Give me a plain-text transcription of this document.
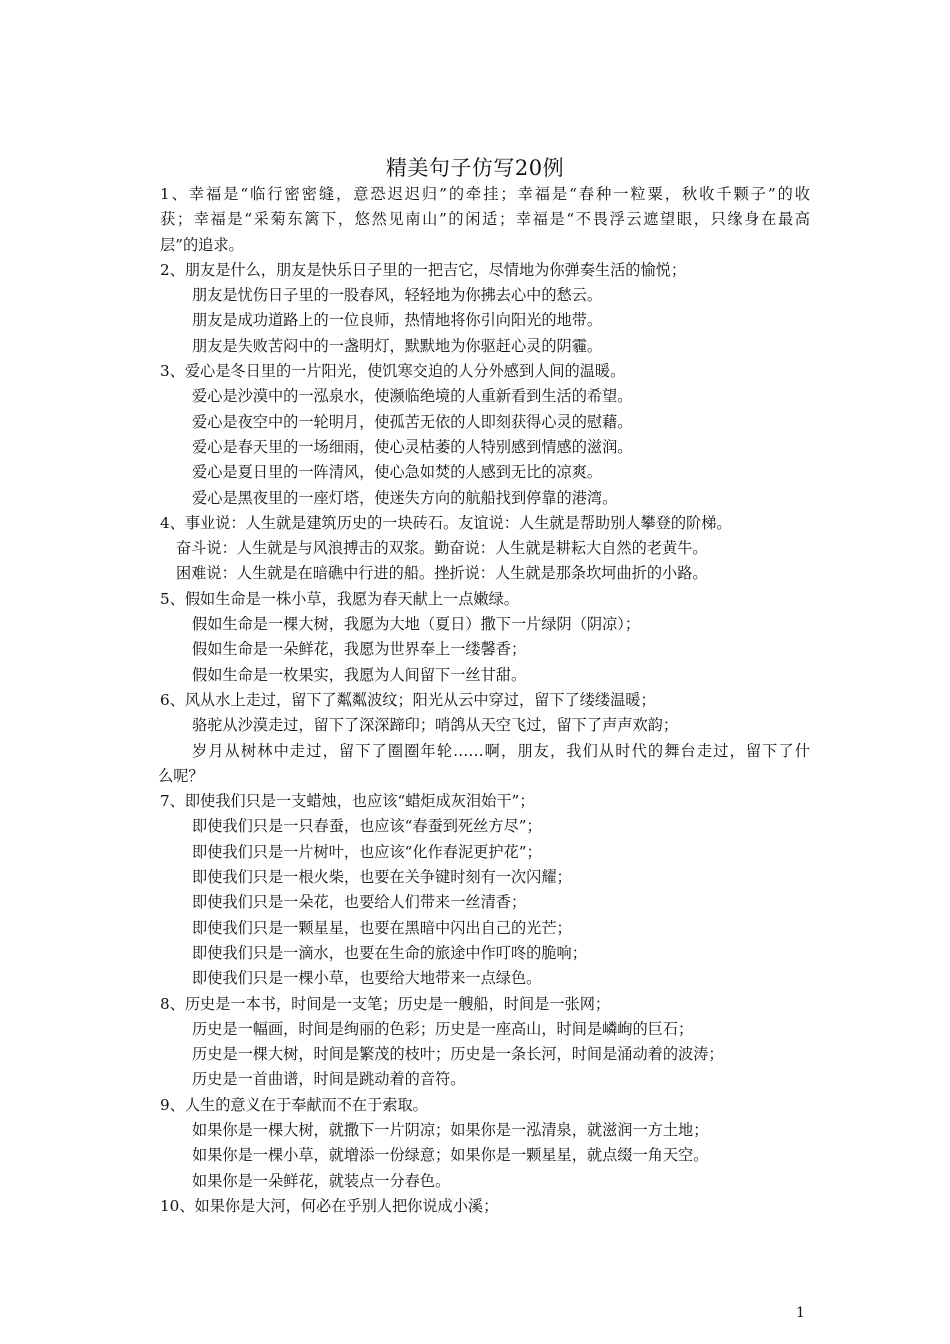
精美句子仿写20例
1、幸福是“临行密密缝，意恐迟迟归”的牵挂；幸福是“春种一粒粟，秋收千颗子”的收
获；幸福是“采菊东篱下，悠然见南山”的闲适；幸福是“不畏浮云遮望眼，只缘身在最高
层”的追求。
2、朋友是什么，朋友是快乐日子里的一把吉它，尽情地为你弹奏生活的愉悦；
朋友是忧伤日子里的一股春风，轻轻地为你拂去心中的愁云。
朋友是成功道路上的一位良师，热情地将你引向阳光的地带。
朋友是失败苦闷中的一盏明灯，默默地为你驱赶心灵的阴霾。
3、爱心是冬日里的一片阳光，使饥寒交迫的人分外感到人间的温暖。
爱心是沙漠中的一泓泉水，使濒临绝境的人重新看到生活的希望。
爱心是夜空中的一轮明月，使孤苦无依的人即刻获得心灵的慰藉。
爱心是春天里的一场细雨，使心灵枯萎的人特别感到情感的滋润。
爱心是夏日里的一阵清风，使心急如焚的人感到无比的凉爽。
爱心是黑夜里的一座灯塔，使迷失方向的航船找到停靠的港湾。
4、事业说：人生就是建筑历史的一块砖石。友谊说：人生就是帮助别人攀登的阶梯。
奋斗说：人生就是与风浪搏击的双浆。勤奋说：人生就是耕耘大自然的老黄牛。
困难说：人生就是在暗礁中行进的船。挫折说：人生就是那条坎坷曲折的小路。
5、假如生命是一株小草，我愿为春天献上一点嫩绿。
假如生命是一棵大树，我愿为大地（夏日）撒下一片绿阴（阴凉）；
假如生命是一朵鲜花，我愿为世界奉上一缕馨香；
假如生命是一枚果实，我愿为人间留下一丝甘甜。
6、风从水上走过，留下了粼粼波纹；阳光从云中穿过，留下了缕缕温暖；
骆驼从沙漠走过，留下了深深蹄印；哨鸽从天空飞过，留下了声声欢韵；
岁月从树林中走过，留下了圈圈年轮……啊，朋友，我们从时代的舞台走过，留下了什
么呢？
7、即使我们只是一支蜡烛，也应该“蜡炬成灰泪始干”；
即使我们只是一只春蚕，也应该“春蚕到死丝方尽”；
即使我们只是一片树叶，也应该“化作春泥更护花”；
即使我们只是一根火柴，也要在关争键时刻有一次闪耀；
即使我们只是一朵花，也要给人们带来一丝清香；
即使我们只是一颗星星，也要在黑暗中闪出自己的光芒；
即使我们只是一滴水，也要在生命的旅途中作叮咚的脆响；
即使我们只是一棵小草，也要给大地带来一点绿色。
8、历史是一本书，时间是一支笔；历史是一艘船，时间是一张网；
历史是一幅画，时间是绚丽的色彩；历史是一座高山，时间是嶙峋的巨石；
历史是一棵大树，时间是繁茂的枝叶；历史是一条长河，时间是涌动着的波涛；
历史是一首曲谱，时间是跳动着的音符。
9、人生的意义在于奉献而不在于索取。
如果你是一棵大树，就撒下一片阴凉；如果你是一泓清泉，就滋润一方土地；
如果你是一棵小草，就增添一份绿意；如果你是一颗星星，就点缀一角天空。
如果你是一朵鲜花，就装点一分春色。
10、如果你是大河，何必在乎别人把你说成小溪；
1
